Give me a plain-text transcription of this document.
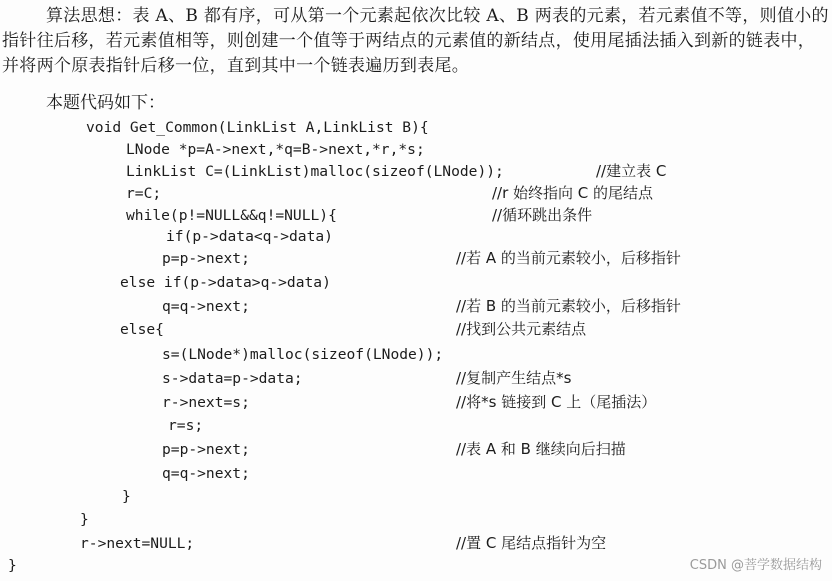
算法思想：表 A、B 都有序，可从第一个元素起依次比较 A、B 两表的元素，若元素值不等，则值小的指针往后移，若元素值相等，则创建一个值等于两结点的元素值的新结点，使用尾插法插入到新的链表中，并将两个原表指针后移一位，直到其中一个链表遍历到表尾。
本题代码如下：
void Get_Common(LinkList A,LinkList B){
LNode *p=A->next,*q=B->next,*r,*s;
LinkList C=(LinkList)malloc(sizeof(LNode));
r=C;
while(p!=NULL&&q!=NULL){
if(p->data<q->data)
p=p->next;
else if(p->data>q->data)
q=q->next;
else{
s=(LNode*)malloc(sizeof(LNode));
s->data=p->data;
r->next=s;
r=s;
p=p->next;
q=q->next;
}
}
r->next=NULL;
}
//建立表 C
//r 始终指向 C 的尾结点
//循环跳出条件
//若 A 的当前元素较小，后移指针
//若 B 的当前元素较小，后移指针
//找到公共元素结点
//复制产生结点*s
//将*s 链接到 C 上（尾插法）
//表 A 和 B 继续向后扫描
//置 C 尾结点指针为空
CSDN @菩学数据结构
